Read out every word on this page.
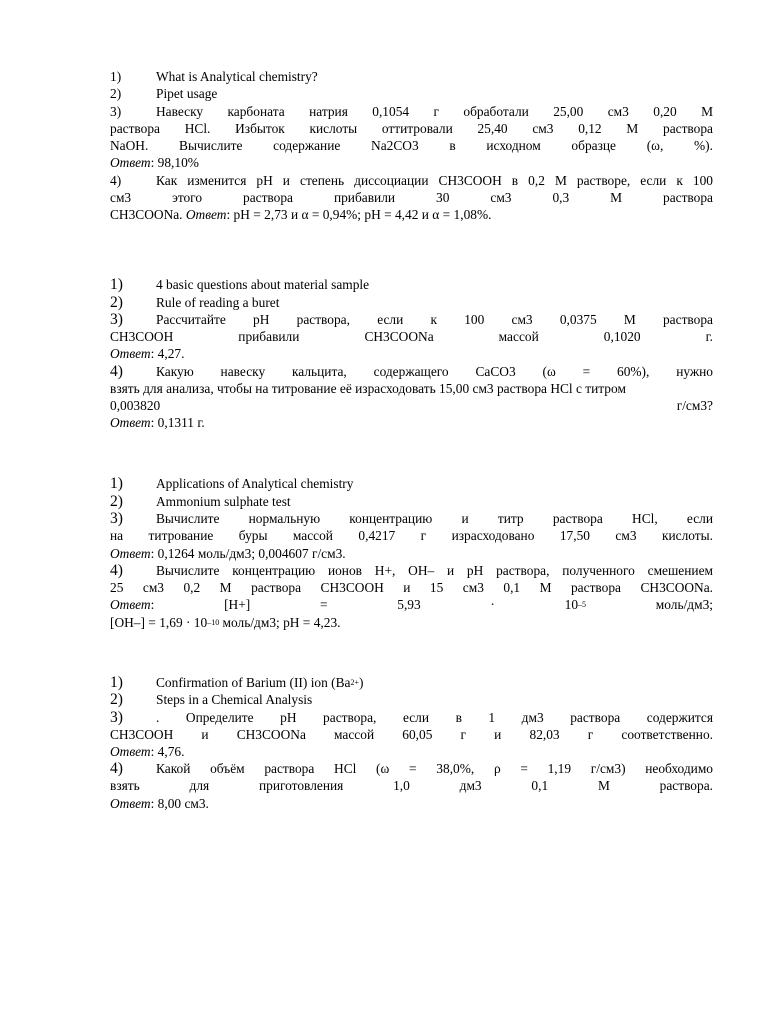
1)	What is Analytical chemistry?
2)	Pipet usage
3)	Навеску карбоната натрия 0,1054 г обработали 25,00 см3 0,20 М
раствора HCl. Избыток кислоты оттитровали 25,40 см3 0,12 М раствора
NaOH. Вычислите содержание Na2CO3 в исходном образце (ω, %).
Ответ: 98,10%
4)	Как изменится pH и степень диссоциации CH3COOH в 0,2 М растворе, если к 100
см3 этого раствора прибавили 30 см3 0,3 М раствора
CH3COONa. Ответ: pH = 2,73 и α = 0,94%; pH = 4,42 и α = 1,08%.
1)	4 basic questions about material sample
2)	Rule of reading a buret
3) Рассчитайте pH раствора, если к 100 см3 0,0375 М раствора
CH3COOH прибавили CH3COONa массой 0,1020 г.
Ответ: 4,27.
4) Какую навеску кальцита, содержащего CaCO3 (ω = 60%), нужно
взять для анализа, чтобы на титрование её израсходовать 15,00 см3 раствора HCl с титром
0,003820 г/см3?
Ответ: 0,1311 г.
1)	Applications of Analytical chemistry
2)	Ammonium sulphate test
3) Вычислите нормальную концентрацию и титр раствора HCl, если
на титрование буры массой 0,4217 г израсходовано 17,50 см3 кислоты.
Ответ: 0,1264 моль/дм3; 0,004607 г/см3.
4) Вычислите концентрацию ионов H+, OH– и pH раствора, полученного смешением
25 см3 0,2 М раствора CH3COOH и 15 см3 0,1 М раствора CH3COONa.
Ответ: $[H+] = 5,93 \cdot 10^{-5}$ моль/дм3;
$[OH-] = 1,69 \cdot 10^{-10}$ моль/дм3; pH = 4,23.
1)	Confirmation of Barium (II) ion $(Ba^{2+})$
2)	Steps in a Chemical Analysis
3) . Определите pH раствора, если в 1 дм3 раствора содержится
CH3COOH и CH3COONa массой 60,05 г и 82,03 г соответственно.
Ответ: 4,76.
4) Какой объём раствора HCl (ω = 38,0%, ρ = 1,19 г/см3) необходимо
взять для приготовления 1,0 дм3 0,1 М раствора.
Ответ: 8,00 см3.
